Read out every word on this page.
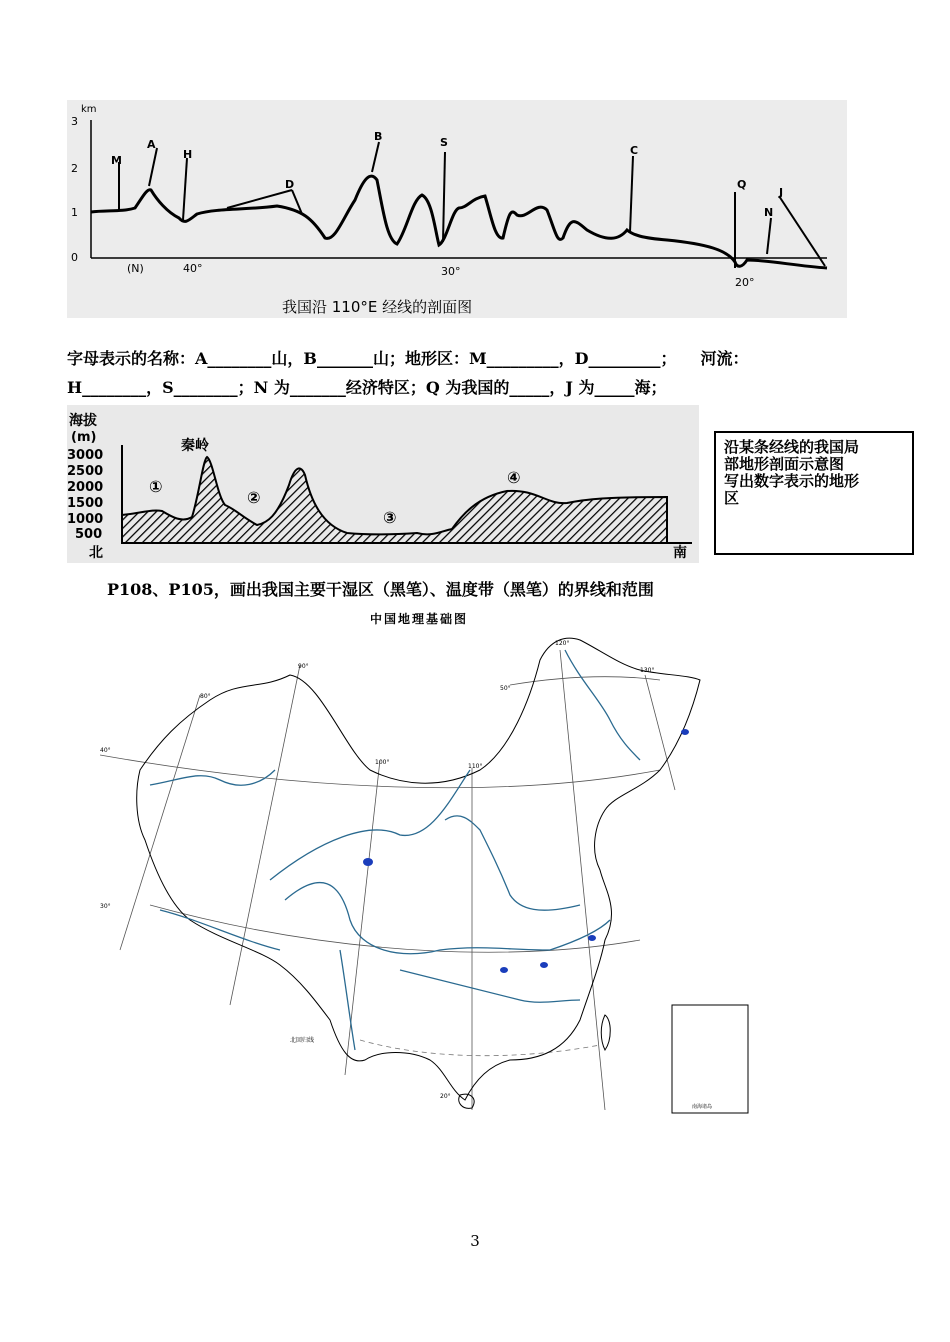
km
3
2
1
0
M
A
H
D
B	S
C
Q
N
J
(N)	40°	30°
20°
我国沿 110°E 经线的剖面图
字母表示的名称：A________山，B_______山；地形区：M_________，D_________；　　河流：
H________，S________；N 为_______经济特区；Q 为我国的_____，J 为_____海；
海拔
(m)
3000
2500
2000
1500
1000
500
北	南
秦岭
①
②
③
④
沿某条经线的我国局
部地形剖面示意图
写出数字表示的地形
区
P108、P105，画出我国主要干湿区（黑笔）、温度带（黑笔）的界线和范围
中国地理基础图
80°
90°
100°
110°
120°
130°
50°
40°
30°
20°
北回归线
南海诸岛
3
